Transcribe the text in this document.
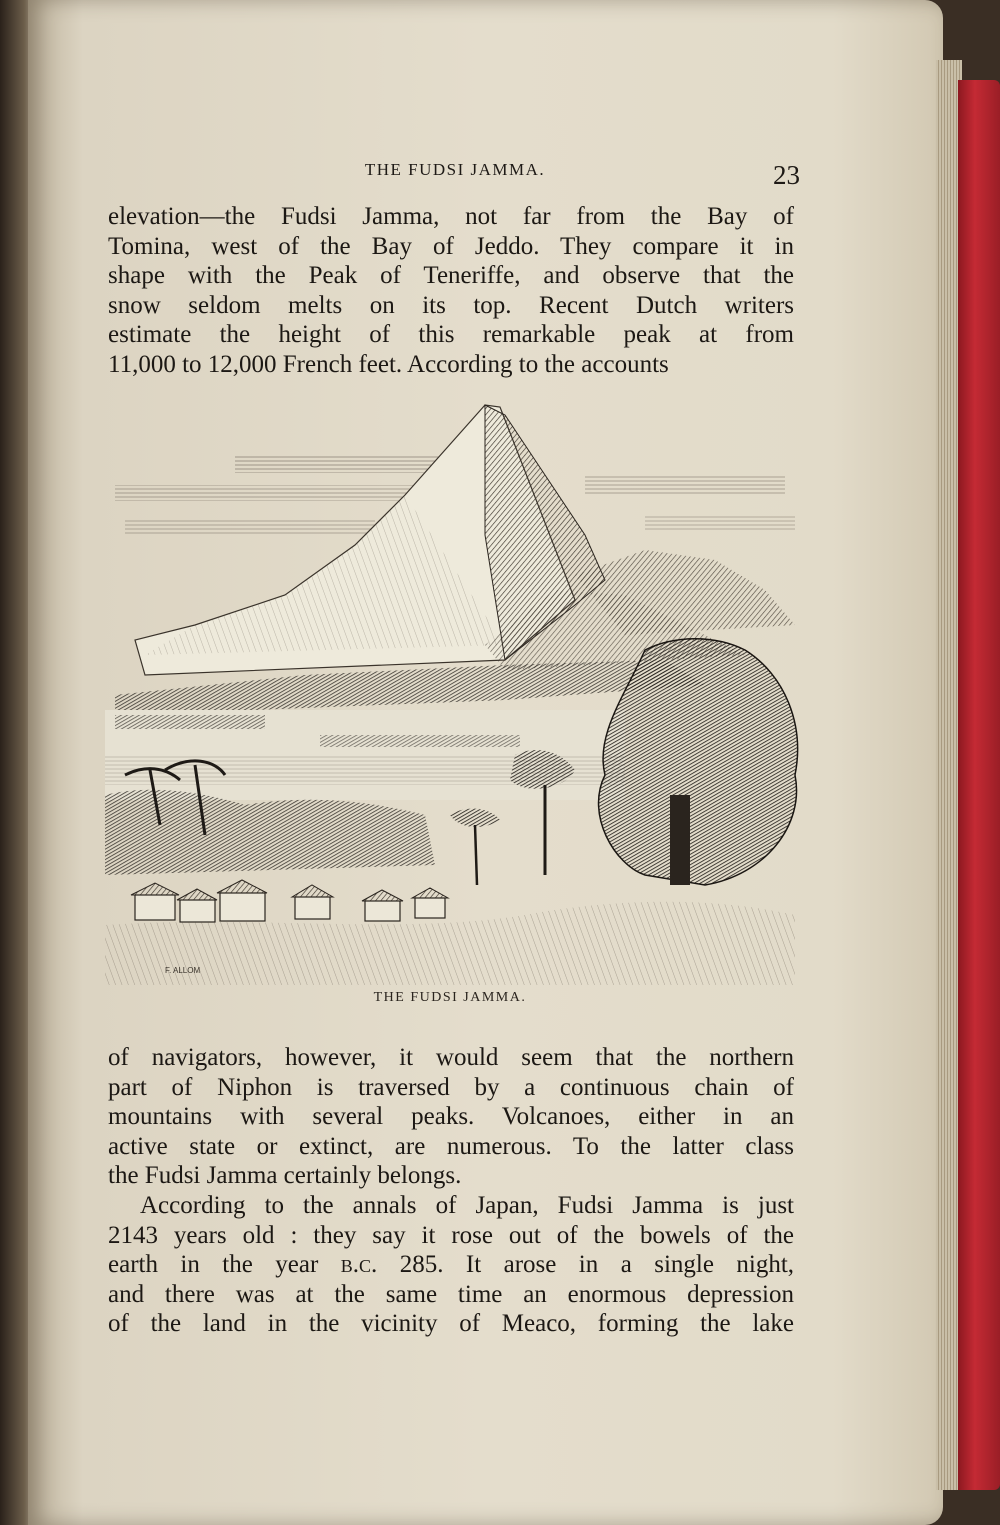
THE FUDSI JAMMA.	23

elevation—the Fudsi Jamma, not far from the Bay of

Tomina, west of the Bay of Jeddo. They compare it in

shape with the Peak of Teneriffe, and observe that the

snow seldom melts on its top. Recent Dutch writers

estimate the height of this remarkable peak at from

11,000 to 12,000 French feet. According to the accounts

F. ALLOM
THE FUDSI JAMMA.

of navigators, however, it would seem that the northern

part of Niphon is traversed by a continuous chain of

mountains with several peaks. Volcanoes, either in an

active state or extinct, are numerous. To the latter class

the Fudsi Jamma certainly belongs.

According to the annals of Japan, Fudsi Jamma is just

2143 years old : they say it rose out of the bowels of the

earth in the year b.c. 285. It arose in a single night,

and there was at the same time an enormous depression

of the land in the vicinity of Meaco, forming the lake
